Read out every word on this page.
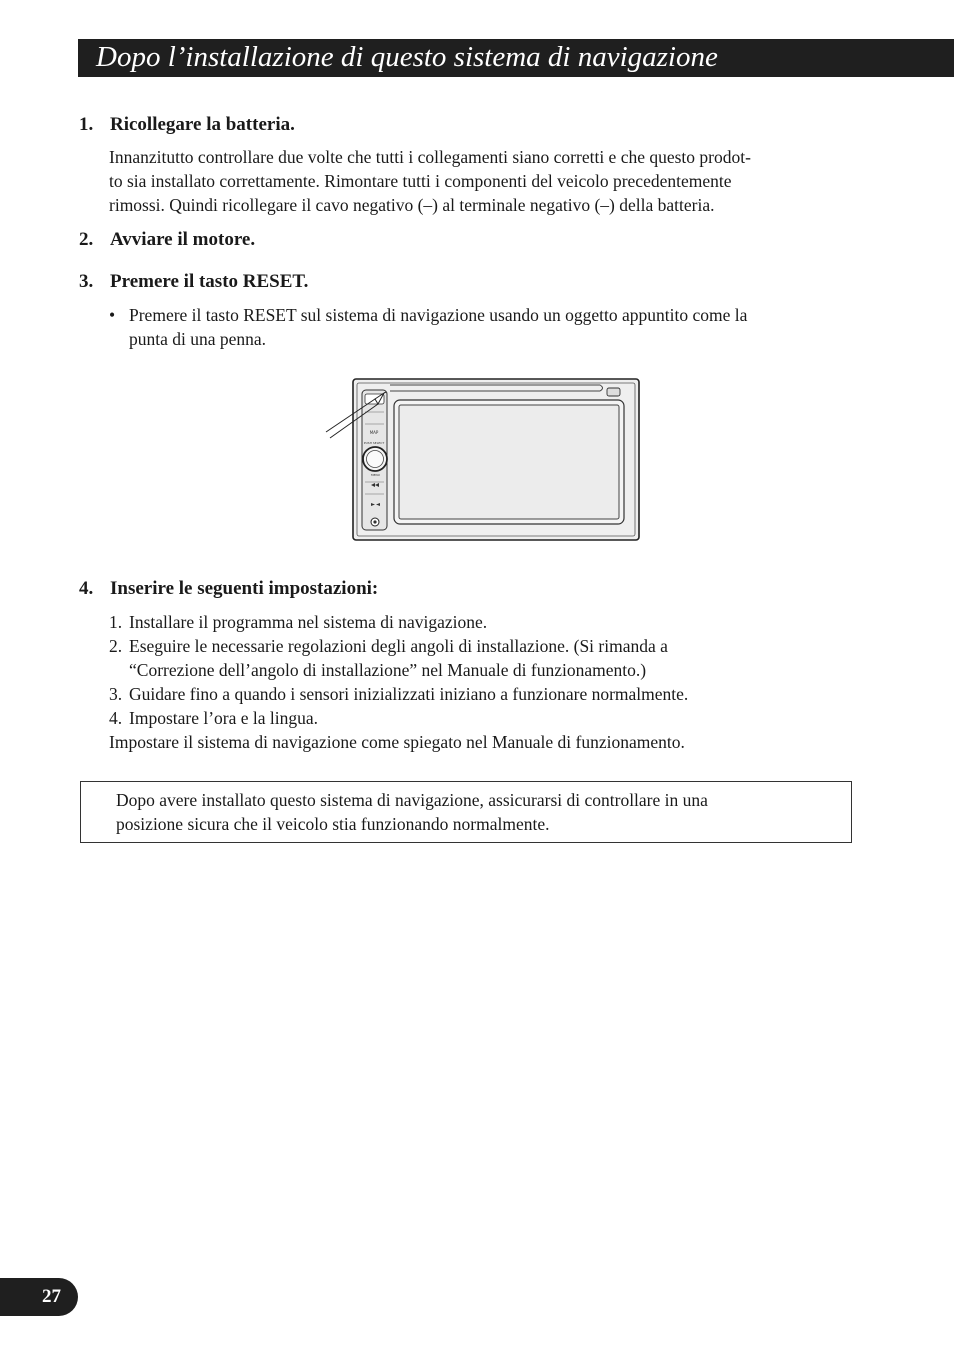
Dopo l’installazione di questo sistema di navigazione
1. Ricollegare la batteria.
Innanzitutto controllare due volte che tutti i collegamenti siano corretti e che questo prodot-
to sia installato correttamente. Rimontare tutti i componenti del veicolo precedentemente
rimossi. Quindi ricollegare il cavo negativo (–) al terminale negativo (–) della batteria.
2. Avviare il motore.
3. Premere il tasto RESET.
• Premere il tasto RESET sul sistema di navigazione usando un oggetto appuntito come la
punta di una penna.
MAP
PUSH SELECT
MENU
4. Inserire le seguenti impostazioni:
1. Installare il programma nel sistema di navigazione.
2. Eseguire le necessarie regolazioni degli angoli di installazione. (Si rimanda a
“Correzione dell’angolo di installazione” nel Manuale di funzionamento.)
3. Guidare fino a quando i sensori inizializzati iniziano a funzionare normalmente.
4. Impostare l’ora e la lingua.
Impostare il sistema di navigazione come spiegato nel Manuale di funzionamento.
Dopo avere installato questo sistema di navigazione, assicurarsi di controllare in una
posizione sicura che il veicolo stia funzionando normalmente.
27
